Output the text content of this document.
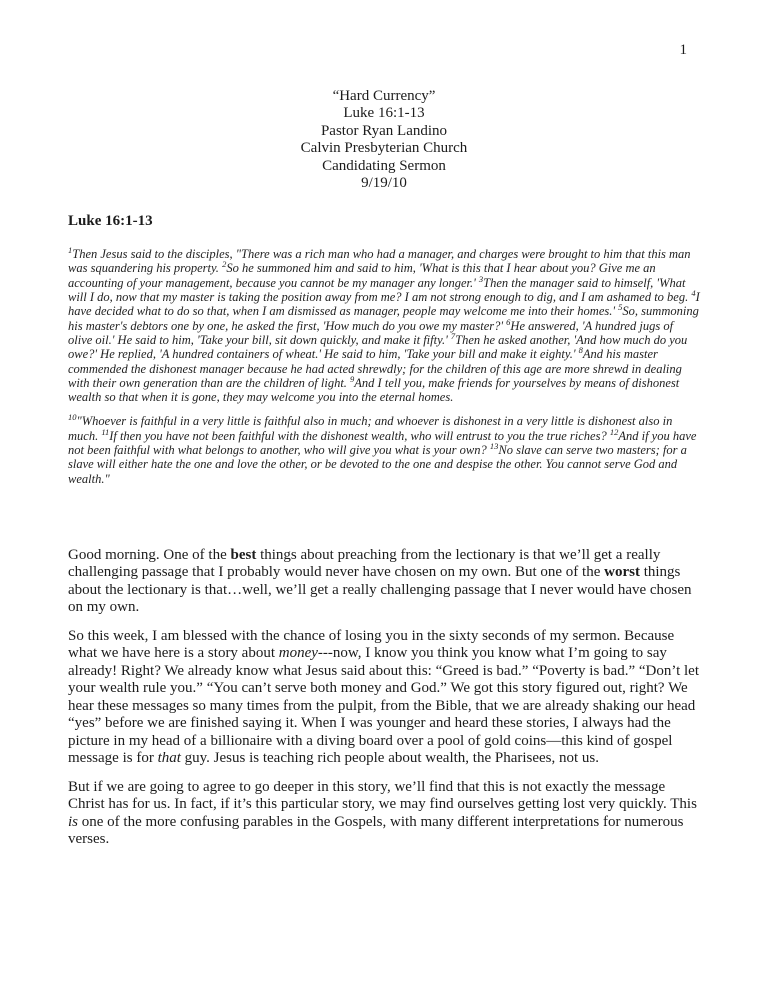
1
“Hard Currency”
Luke 16:1-13
Pastor Ryan Landino
Calvin Presbyterian Church
Candidating Sermon
9/19/10
Luke 16:1-13

$^1$Then Jesus said to the disciples, "There was a rich man who had a manager, and charges were brought to him that this man was squandering his property. $^2$So he summoned him and said to him, 'What is this that I hear about you? Give me an accounting of your management, because you cannot be my manager any longer.' $^3$Then the manager said to himself, 'What will I do, now that my master is taking the position away from me? I am not strong enough to dig, and I am ashamed to beg. $^4$I have decided what to do so that, when I am dismissed as manager, people may welcome me into their homes.' $^5$So, summoning his master's debtors one by one, he asked the first, 'How much do you owe my master?' $^6$He answered, 'A hundred jugs of olive oil.' He said to him, 'Take your bill, sit down quickly, and make it fifty.' $^7$Then he asked another, 'And how much do you owe?' He replied, 'A hundred containers of wheat.' He said to him, 'Take your bill and make it eighty.' $^8$And his master commended the dishonest manager because he had acted shrewdly; for the children of this age are more shrewd in dealing with their own generation than are the children of light. $^9$And I tell you, make friends for yourselves by means of dishonest wealth so that when it is gone, they may welcome you into the eternal homes.

$^{10}$"Whoever is faithful in a very little is faithful also in much; and whoever is dishonest in a very little is dishonest also in much. $^{11}$If then you have not been faithful with the dishonest wealth, who will entrust to you the true riches? $^{12}$And if you have not been faithful with what belongs to another, who will give you what is your own? $^{13}$No slave can serve two masters; for a slave will either hate the one and love the other, or be devoted to the one and despise the other. You cannot serve God and wealth."

Good morning. One of the best things about preaching from the lectionary is that we’ll get a really challenging passage that I probably would never have chosen on my own. But one of the worst things about the lectionary is that…well, we’ll get a really challenging passage that I never would have chosen on my own.

So this week, I am blessed with the chance of losing you in the sixty seconds of my sermon. Because what we have here is a story about money---now, I know you think you know what I’m going to say already! Right? We already know what Jesus said about this: “Greed is bad.” “Poverty is bad.” “Don’t let your wealth rule you.” “You can’t serve both money and God.” We got this story figured out, right? We hear these messages so many times from the pulpit, from the Bible, that we are already shaking our head “yes” before we are finished saying it. When I was younger and heard these stories, I always had the picture in my head of a billionaire with a diving board over a pool of gold coins—this kind of gospel message is for that guy. Jesus is teaching rich people about wealth, the Pharisees, not us.

But if we are going to agree to go deeper in this story, we’ll find that this is not exactly the message Christ has for us. In fact, if it’s this particular story, we may find ourselves getting lost very quickly. This is one of the more confusing parables in the Gospels, with many different interpretations for numerous verses.
